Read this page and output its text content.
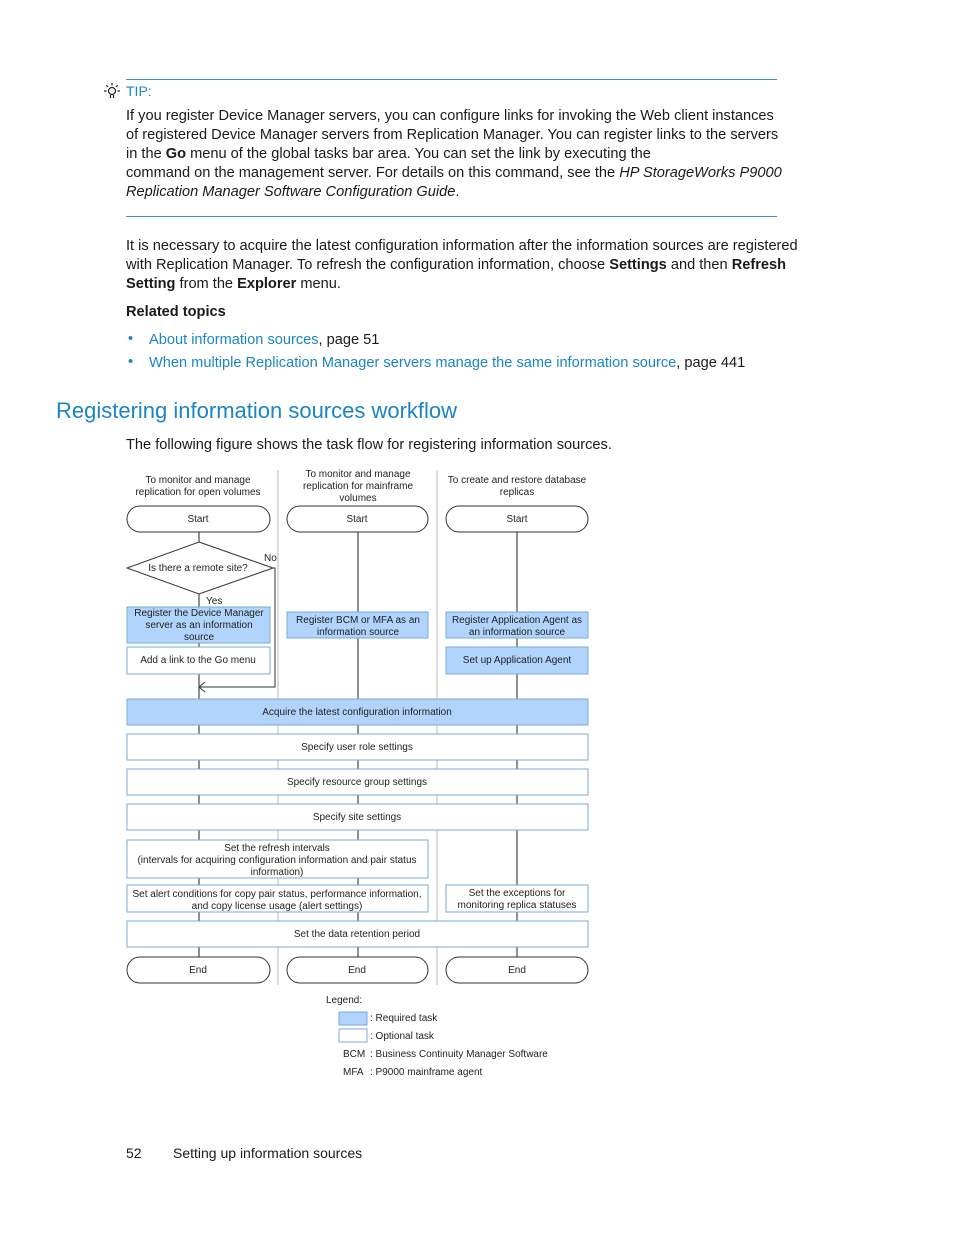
TIP:
If you register Device Manager servers, you can configure links for invoking the Web client instances
of registered Device Manager servers from Replication Manager. You can register links to the servers
in the Go menu of the global tasks bar area. You can set the link by executing the
command on the management server. For details on this command, see the HP StorageWorks P9000
Replication Manager Software Configuration Guide.
It is necessary to acquire the latest configuration information after the information sources are registered
with Replication Manager. To refresh the configuration information, choose Settings and then Refresh
Setting from the Explorer menu.
Related topics
• About information sources, page 51
• When multiple Replication Manager servers manage the same information source, page 441
Registering information sources workflow
The following figure shows the task flow for registering information sources.
To monitor and manage
replication for open volumes
To monitor and manage
replication for mainframe
volumes
To create and restore database
replicas
Start	Start	Start
Is there a remote site?
No
Yes
Register the Device Manager
server as an information
source
Add a link to the Go menu
Register BCM or MFA as an
information source
Register Application Agent as
an information source
Set up Application Agent
Acquire the latest configuration information
Specify user role settings
Specify resource group settings
Specify site settings
Set the refresh intervals
(intervals for acquiring configuration information and pair status
information)
Set alert conditions for copy pair status, performance information,
and copy license usage (alert settings)
Set the exceptions for
monitoring replica statuses
Set the data retention period
End	End	End
Legend:
: Required task
: Optional task
BCM : Business Continuity Manager Software
MFA : P9000 mainframe agent
52 Setting up information sources
